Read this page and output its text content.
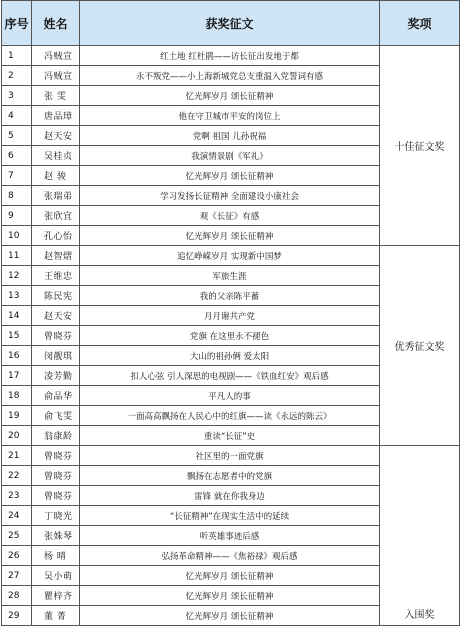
序号	姓名	获奖征文	奖项
1	冯贼宣	红土地 红杜鹃——访长征出发地于都	十佳征文奖
2	冯贼宣	永不叛党——小上海新城党总支重温入党誓词有感	
3	张 雯	忆光辉岁月 颂长征精神	
4	唐品璋	他在守卫城市平安的岗位上	
5	赵天安	党啊 祖国 儿孙祝福	
6	吴桂贞	我演情景剧《军礼》	
7	赵 骏	忆光辉岁月 颂长征精神	
8	张瑞弟	学习发扬长征精神 全面建设小康社会	
9	张欣宜	观《长征》有感	
10	孔心怡	忆光辉岁月 颂长征精神	
11	赵智熠	追忆峥嵘岁月 实现新中国梦	优秀征文奖
12	王维忠	军旅生涯	
13	陈民宪	我的父亲陈平蓄	
14	赵天安	月月谢共产党	
15	曾晓芬	党旗 在这里永不褪色	
16	闵靓琪	大山的祖孙俩 爱太阳	
17	凌芳勤	扣人心弦 引人深思的电视剧——《铁血红安》观后感	
18	俞品华	平凡人的事	
19	俞飞雯	一面高高飘扬在人民心中的红旗——读《永远的陈云》	
20	翁康龄	重读“长征”史	
21	曾晓芬	社区里的一面党旗	入围奖
22	曾晓芬	飘扬在志愿者中的党旗	
23	曾晓芬	雷锋 就在你我身边	
24	丁晓光	“长征精神”在现实生活中的延续	
25	张姝琴	听英雄事迹后感	
26	杨 晴	弘扬革命精神——《焦裕禄》观后感	
27	吴小萌	忆光辉岁月 颂长征精神	
28	瞿梓齐	忆光辉岁月 颂长征精神	
29	董 菁	忆光辉岁月 颂长征精神	
